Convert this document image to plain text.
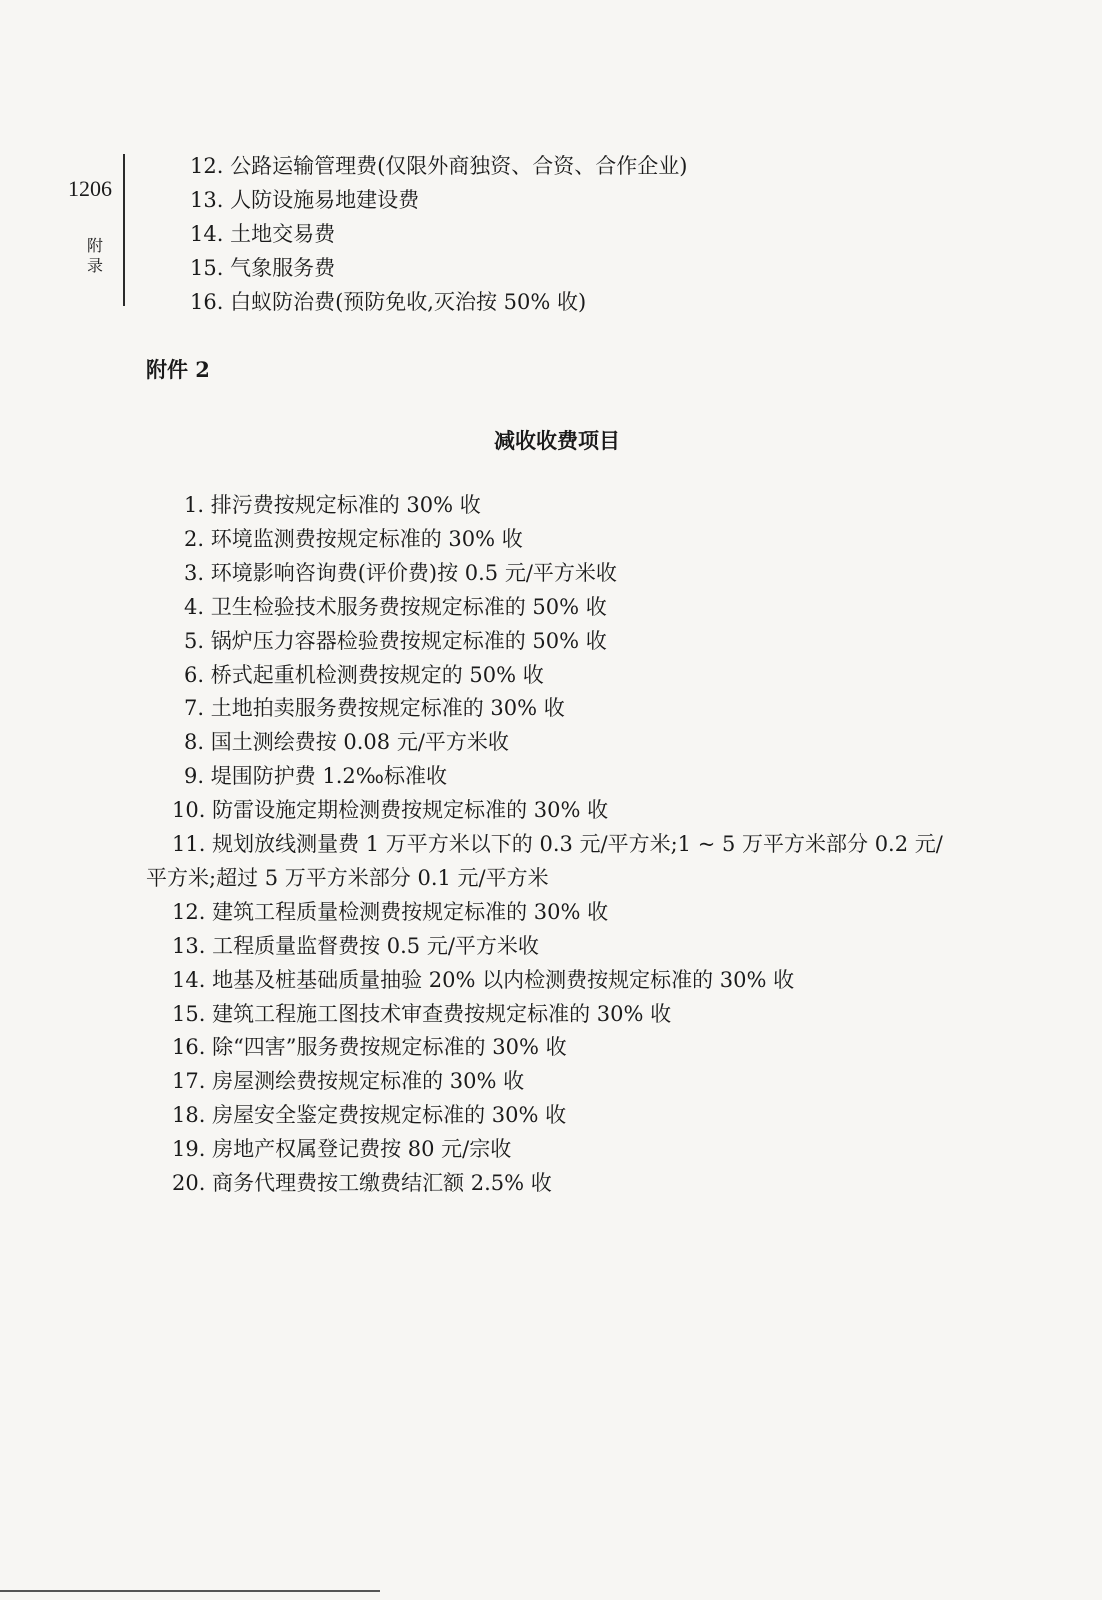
1206
附录
12. 公路运输管理费(仅限外商独资、合资、合作企业)
13. 人防设施易地建设费
14. 土地交易费
15. 气象服务费
16. 白蚁防治费(预防免收,灭治按 50% 收)
附件 2
减收收费项目
1. 排污费按规定标准的 30% 收
2. 环境监测费按规定标准的 30% 收
3. 环境影响咨询费(评价费)按 0.5 元/平方米收
4. 卫生检验技术服务费按规定标准的 50% 收
5. 锅炉压力容器检验费按规定标准的 50% 收
6. 桥式起重机检测费按规定的 50% 收
7. 土地拍卖服务费按规定标准的 30% 收
8. 国土测绘费按 0.08 元/平方米收
9. 堤围防护费 1.2‰标准收
10. 防雷设施定期检测费按规定标准的 30% 收
11. 规划放线测量费 1 万平方米以下的 0.3 元/平方米;1 ~ 5 万平方米部分 0.2 元/
平方米;超过 5 万平方米部分 0.1 元/平方米
12. 建筑工程质量检测费按规定标准的 30% 收
13. 工程质量监督费按 0.5 元/平方米收
14. 地基及桩基础质量抽验 20% 以内检测费按规定标准的 30% 收
15. 建筑工程施工图技术审查费按规定标准的 30% 收
16. 除“四害”服务费按规定标准的 30% 收
17. 房屋测绘费按规定标准的 30% 收
18. 房屋安全鉴定费按规定标准的 30% 收
19. 房地产权属登记费按 80 元/宗收
20. 商务代理费按工缴费结汇额 2.5% 收
